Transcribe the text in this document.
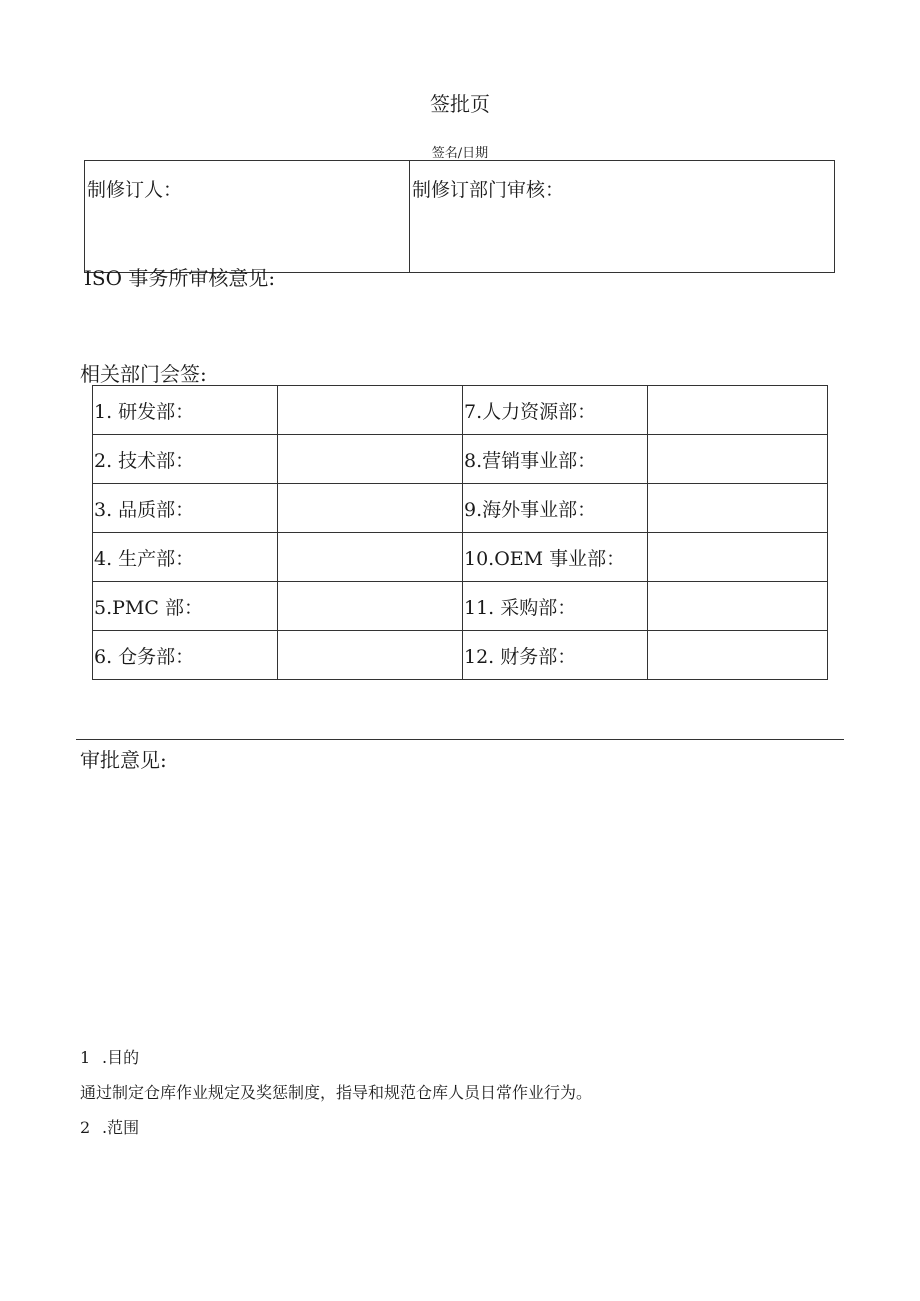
签批页
签名/日期
制修订人：	制修订部门审核：
ISO 事务所审核意见:
相关部门会签:
1. 研发部：		7.人力资源部：	
2. 技术部：		8.营销事业部：	
3. 品质部：		9.海外事业部：	
4. 生产部：		10.OEM 事业部：	
5.PMC 部：		11. 采购部：	
6. 仓务部：		12. 财务部：	
审批意见:
1 .目的
通过制定仓库作业规定及奖惩制度，指导和规范仓库人员日常作业行为。
2 .范围
